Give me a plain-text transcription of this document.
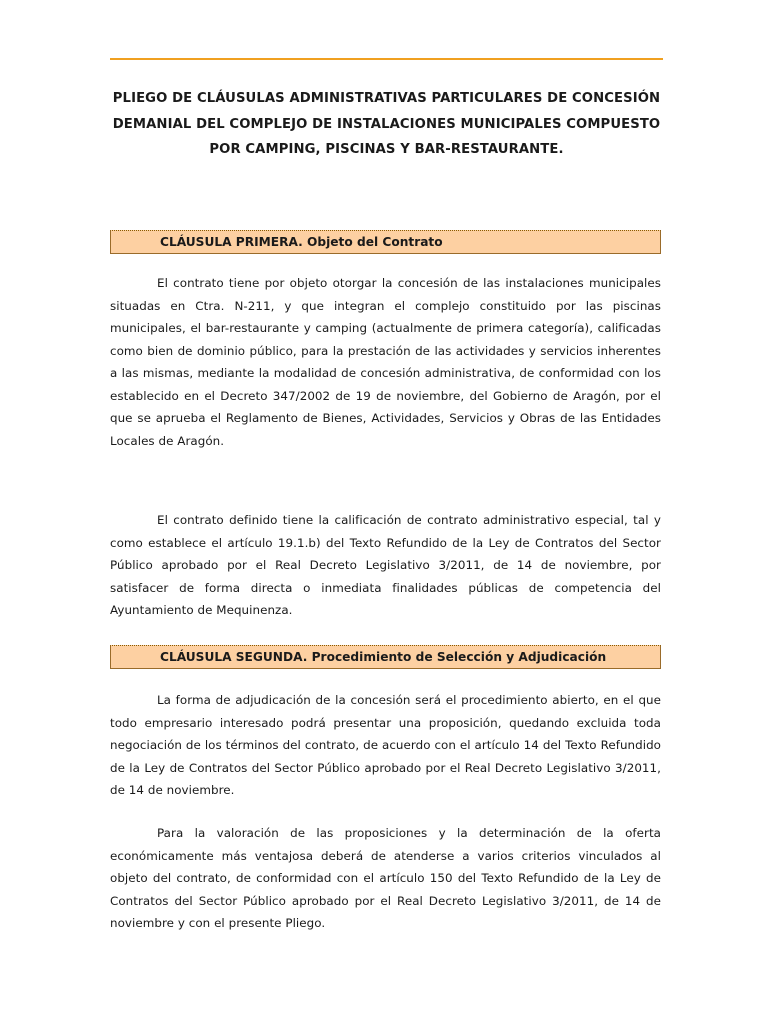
PLIEGO DE CLÁUSULAS ADMINISTRATIVAS PARTICULARES DE CONCESIÓN DEMANIAL DEL COMPLEJO DE INSTALACIONES MUNICIPALES COMPUESTO POR CAMPING, PISCINAS Y BAR-RESTAURANTE.
CLÁUSULA PRIMERA. Objeto del Contrato

El contrato tiene por objeto otorgar la concesión de las instalaciones municipales situadas en Ctra. N-211, y que integran el complejo constituido por las piscinas municipales, el bar-restaurante y camping (actualmente de primera categoría), calificadas como bien de dominio público, para la prestación de las actividades y servicios inherentes a las mismas, mediante la modalidad de concesión administrativa, de conformidad con los establecido en el Decreto 347/2002 de 19 de noviembre, del Gobierno de Aragón, por el que se aprueba el Reglamento de Bienes, Actividades, Servicios y Obras de las Entidades Locales de Aragón.

El contrato definido tiene la calificación de contrato administrativo especial, tal y como establece el artículo 19.1.b) del Texto Refundido de la Ley de Contratos del Sector Público aprobado por el Real Decreto Legislativo 3/2011, de 14 de noviembre, por satisfacer de forma directa o inmediata finalidades públicas de competencia del Ayuntamiento de Mequinenza.

CLÁUSULA SEGUNDA. Procedimiento de Selección y Adjudicación

La forma de adjudicación de la concesión será el procedimiento abierto, en el que todo empresario interesado podrá presentar una proposición, quedando excluida toda negociación de los términos del contrato, de acuerdo con el artículo 14 del Texto Refundido de la Ley de Contratos del Sector Público aprobado por el Real Decreto Legislativo 3/2011, de 14 de noviembre.

Para la valoración de las proposiciones y la determinación de la oferta económicamente más ventajosa deberá de atenderse a varios criterios vinculados al objeto del contrato, de conformidad con el artículo 150 del Texto Refundido de la Ley de Contratos del Sector Público aprobado por el Real Decreto Legislativo 3/2011, de 14 de noviembre y con el presente Pliego.
